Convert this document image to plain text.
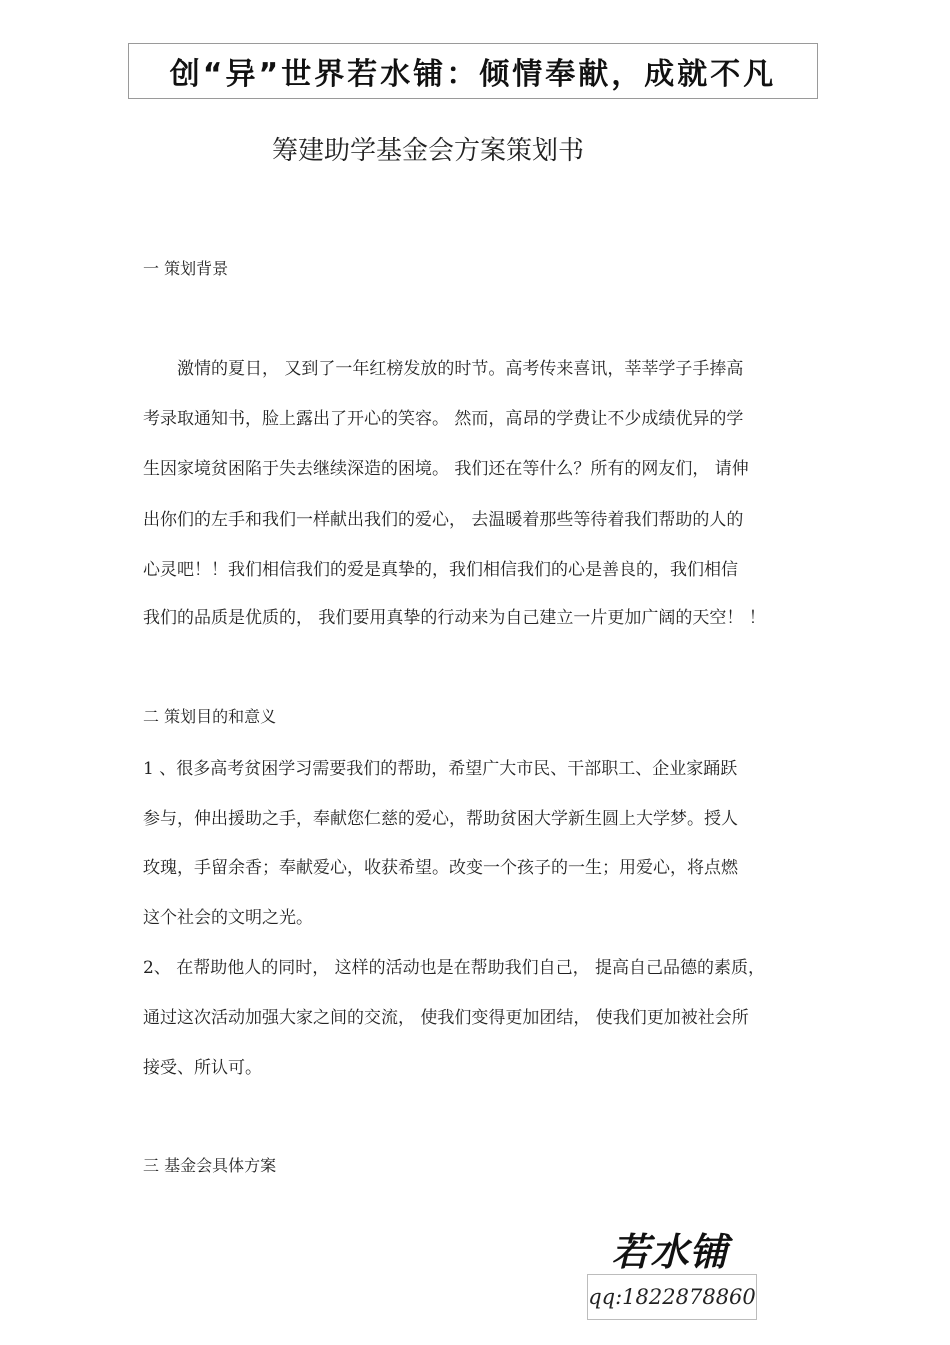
创“异”世界若水铺：倾情奉献，成就不凡
筹建助学基金会方案策划书
一 策划背景
　　激情的夏日， 又到了一年红榜发放的时节。高考传来喜讯，莘莘学子手捧高
考录取通知书，脸上露出了开心的笑容。 然而，高昂的学费让不少成绩优异的学
生因家境贫困陷于失去继续深造的困境。 我们还在等什么？所有的网友们， 请伸
出你们的左手和我们一样献出我们的爱心， 去温暖着那些等待着我们帮助的人的
心灵吧！！我们相信我们的爱是真挚的，我们相信我们的心是善良的，我们相信
我们的品质是优质的， 我们要用真挚的行动来为自己建立一片更加广阔的天空！ ！
二 策划目的和意义
1 、很多高考贫困学习需要我们的帮助，希望广大市民、干部职工、企业家踊跃
参与，伸出援助之手，奉献您仁慈的爱心，帮助贫困大学新生圆上大学梦。授人
玫瑰，手留余香；奉献爱心，收获希望。改变一个孩子的一生；用爱心，将点燃
这个社会的文明之光。
2、 在帮助他人的同时， 这样的活动也是在帮助我们自己， 提高自己品德的素质，
通过这次活动加强大家之间的交流， 使我们变得更加团结， 使我们更加被社会所
接受、所认可。
三 基金会具体方案
若水铺
qq:1822878860
